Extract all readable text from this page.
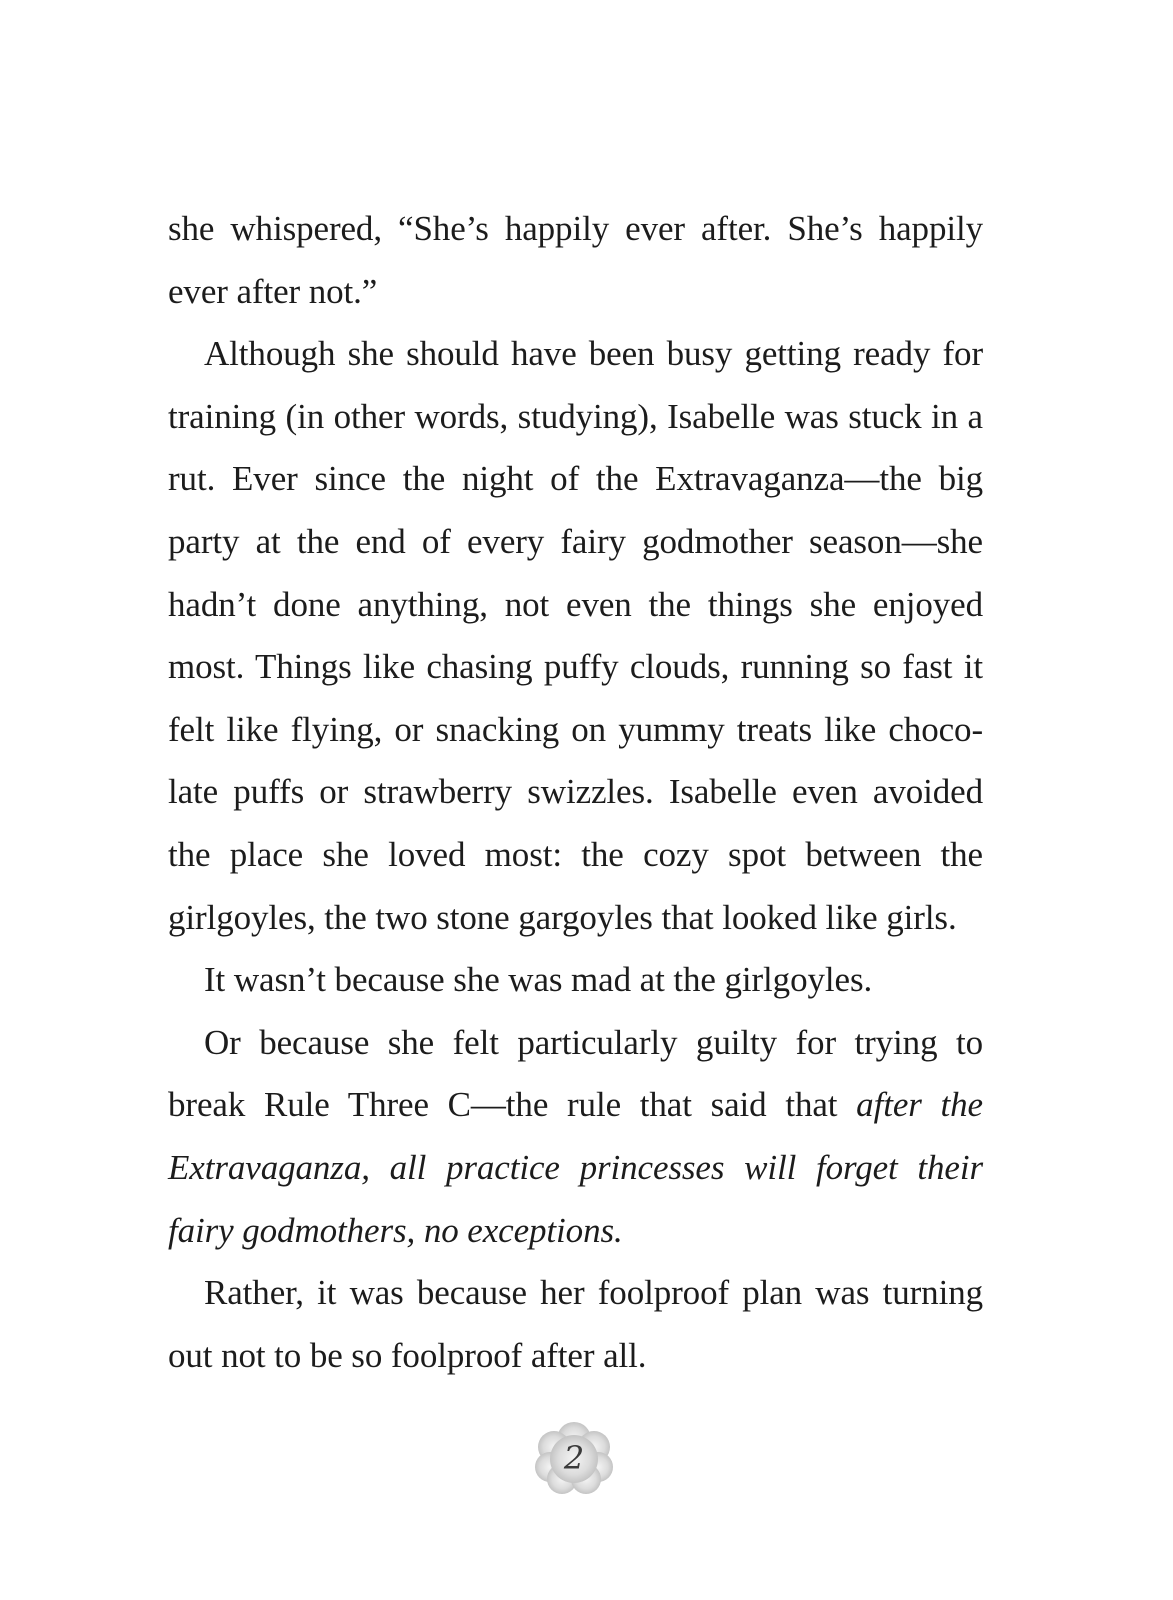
she whispered, “She’s happily ever after. She’s happily ever after not.”

Although she should have been busy getting ready for training (in other words, studying), Isabelle was stuck in a rut. Ever since the night of the Extravaganza—the big party at the end of every fairy godmother season—she hadn’t done anything, not even the things she enjoyed most. Things like chasing puffy clouds, running so fast it felt like flying, or snacking on yummy treats like choco-late puffs or strawberry swizzles. Isabelle even avoided the place she loved most: the cozy spot between the girlgoyles, the two stone gargoyles that looked like girls.

It wasn’t because she was mad at the girlgoyles.

Or because she felt particularly guilty for trying to break Rule Three C—the rule that said that after the Extravaganza, all practice princesses will forget their fairy godmothers, no exceptions.

Rather, it was because her foolproof plan was turning out not to be so foolproof after all.

2
